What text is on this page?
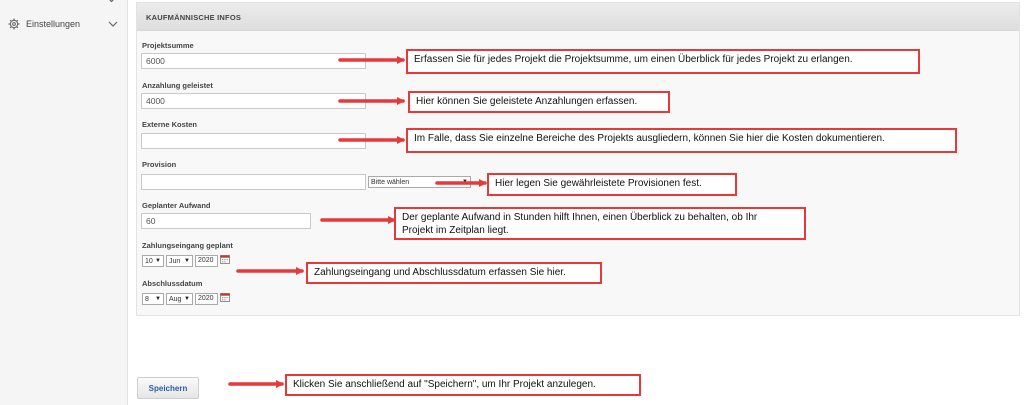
Einstellungen
KAUFMÄNNISCHE INFOS
Projektsumme
6000
Anzahlung geleistet
4000
Externe Kosten
Provision
Bitte wählen	▼
Geplanter Aufwand
60
Zahlungseingang geplant
10 ▼ Jun ▼	2020
Abschlussdatum
8 ▼ Aug ▼	2020
Speichern
Erfassen Sie für jedes Projekt die Projektsumme, um einen Überblick für jedes Projekt zu erlangen.
Hier können Sie geleistete Anzahlungen erfassen.
Im Falle, dass Sie einzelne Bereiche des Projekts ausgliedern, können Sie hier die Kosten dokumentieren.
Hier legen Sie gewährleistete Provisionen fest.
Der geplante Aufwand in Stunden hilft Ihnen, einen Überblick zu behalten, ob Ihr
Projekt im Zeitplan liegt.
Zahlungseingang und Abschlussdatum erfassen Sie hier.
Klicken Sie anschließend auf "Speichern", um Ihr Projekt anzulegen.
